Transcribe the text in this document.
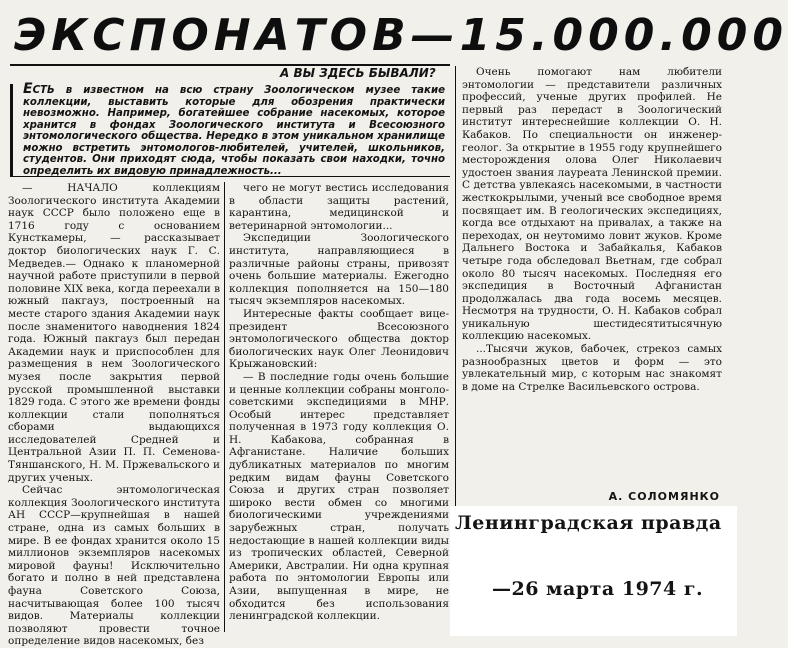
ЭКСПОНАТОВ—15.000.000
А ВЫ ЗДЕСЬ БЫВАЛИ?
ЕСТЬ в известном на всю страну Зоологическом музее такие коллекции, выставить которые для обозрения практически невозможно. Например, богатейшее собрание насекомых, которое хранится в фондах Зоологического института и Всесоюзного энтомологического общества. Нередко в этом уникальном хранилище можно встретить энтомологов-любителей, учителей, школьников, студентов. Они приходят сюда, чтобы показать свои находки, точно определить их видовую принадлежность...

— НАЧАЛО коллекциям Зоологического института Академии наук СССР было положено еще в 1716 году с основанием Кунсткамеры, — рассказывает доктор биологических наук Г. С. Медведев.— Однако к планомерной научной работе приступили в первой половине XIX века, когда переехали в южный пакгауз, построенный на месте старого здания Академии наук после знаменитого наводнения 1824 года. Южный пакгауз был передан Академии наук и приспособлен для размещения в нем Зоологического музея после закрытия первой русской промышленной выставки 1829 года. С этого же времени фонды коллекции стали пополняться сборами выдающихся исследователей Средней и Центральной Азии П. П. Семенова-Тяншанского, Н. М. Пржевальского и других ученых.

Сейчас энтомологическая коллекция Зоологического института АН СССР—крупнейшая в нашей стране, одна из самых больших в мире. В ее фондах хранится около 15 миллионов экземпляров насекомых мировой фауны! Исключительно богато и полно в ней представлена фауна Советского Союза, насчитывающая более 100 тысяч видов. Материалы коллекции позволяют провести точное определение видов насекомых, без

чего не могут вестись исследования в области защиты растений, карантина, медицинской и ветеринарной энтомологии...

Экспедиции Зоологического института, направляющиеся в различные районы страны, привозят очень большие материалы. Ежегодно коллекция пополняется на 150—180 тысяч экземпляров насекомых.

Интересные факты сообщает вице-президент Всесоюзного энтомологического общества доктор биологических наук Олег Леонидович Крыжановский:

— В последние годы очень большие и ценные коллекции собраны монголо-советскими экспедициями в МНР. Особый интерес представляет полученная в 1973 году коллекция О. Н. Кабакова, собранная в Афганистане. Наличие больших дубликатных материалов по многим редким видам фауны Советского Союза и других стран позволяет широко вести обмен со многими биологическими учреждениями зарубежных стран, получать недостающие в нашей коллекции виды из тропических областей, Северной Америки, Австралии. Ни одна крупная работа по энтомологии Европы или Азии, выпущенная в мире, не обходится без использования ленинградской коллекции.

Очень помогают нам любители энтомологии — представители различных профессий, ученые других профилей. Не первый раз передаст в Зоологический институт интереснейшие коллекции О. Н. Кабаков. По специальности он инженер-геолог. За открытие в 1955 году крупнейшего месторождения олова Олег Николаевич удостоен звания лауреата Ленинской премии. С детства увлекаясь насекомыми, в частности жесткокрылыми, ученый все свободное время посвящает им. В геологических экспедициях, когда все отдыхают на привалах, а также на переходах, он неутомимо ловит жуков. Кроме Дальнего Востока и Забайкалья, Кабаков четыре года обследовал Вьетнам, где собрал около 80 тысяч насекомых. Последняя его экспедиция в Восточный Афганистан продолжалась два года восемь месяцев. Несмотря на трудности, О. Н. Кабаков собрал уникальную шестидесятитысячную коллекцию насекомых.

...Тысячи жуков, бабочек, стрекоз самых разнообразных цветов и форм — это увлекательный мир, с которым нас знакомят в доме на Стрелке Васильевского острова.

А. СОЛОМЯНКО
Ленинградская правда
—26 марта 1974 г.
